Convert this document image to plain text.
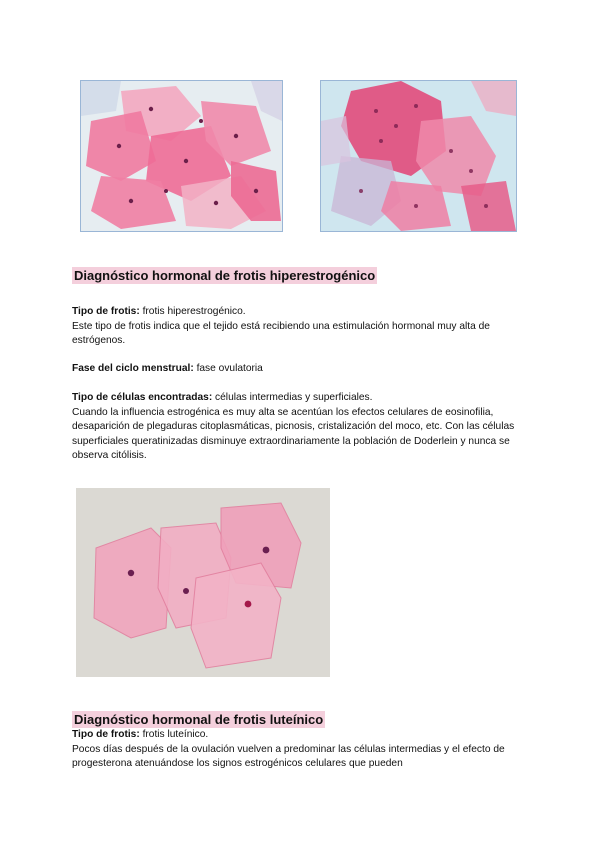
Diagnóstico hormonal de frotis hiperestrogénico
Tipo de frotis: frotis hiperestrogénico.
Este tipo de frotis indica que el tejido está recibiendo una estimulación hormonal muy alta de estrógenos.
Fase del ciclo menstrual: fase ovulatoria
Tipo de células encontradas: células intermedias y superficiales.
Cuando la influencia estrogénica es muy alta se acentúan los efectos celulares de eosinofilia, desaparición de plegaduras citoplasmáticas, picnosis, cristalización del moco, etc. Con las células superficiales queratinizadas disminuye extraordinariamente la población de Doderlein y nunca se observa citólisis.
Diagnóstico hormonal de frotis luteínico
Tipo de frotis: frotis luteínico.
Pocos días después de la ovulación vuelven a predominar las células intermedias y el efecto de progesterona atenuándose los signos estrogénicos celulares que pueden
